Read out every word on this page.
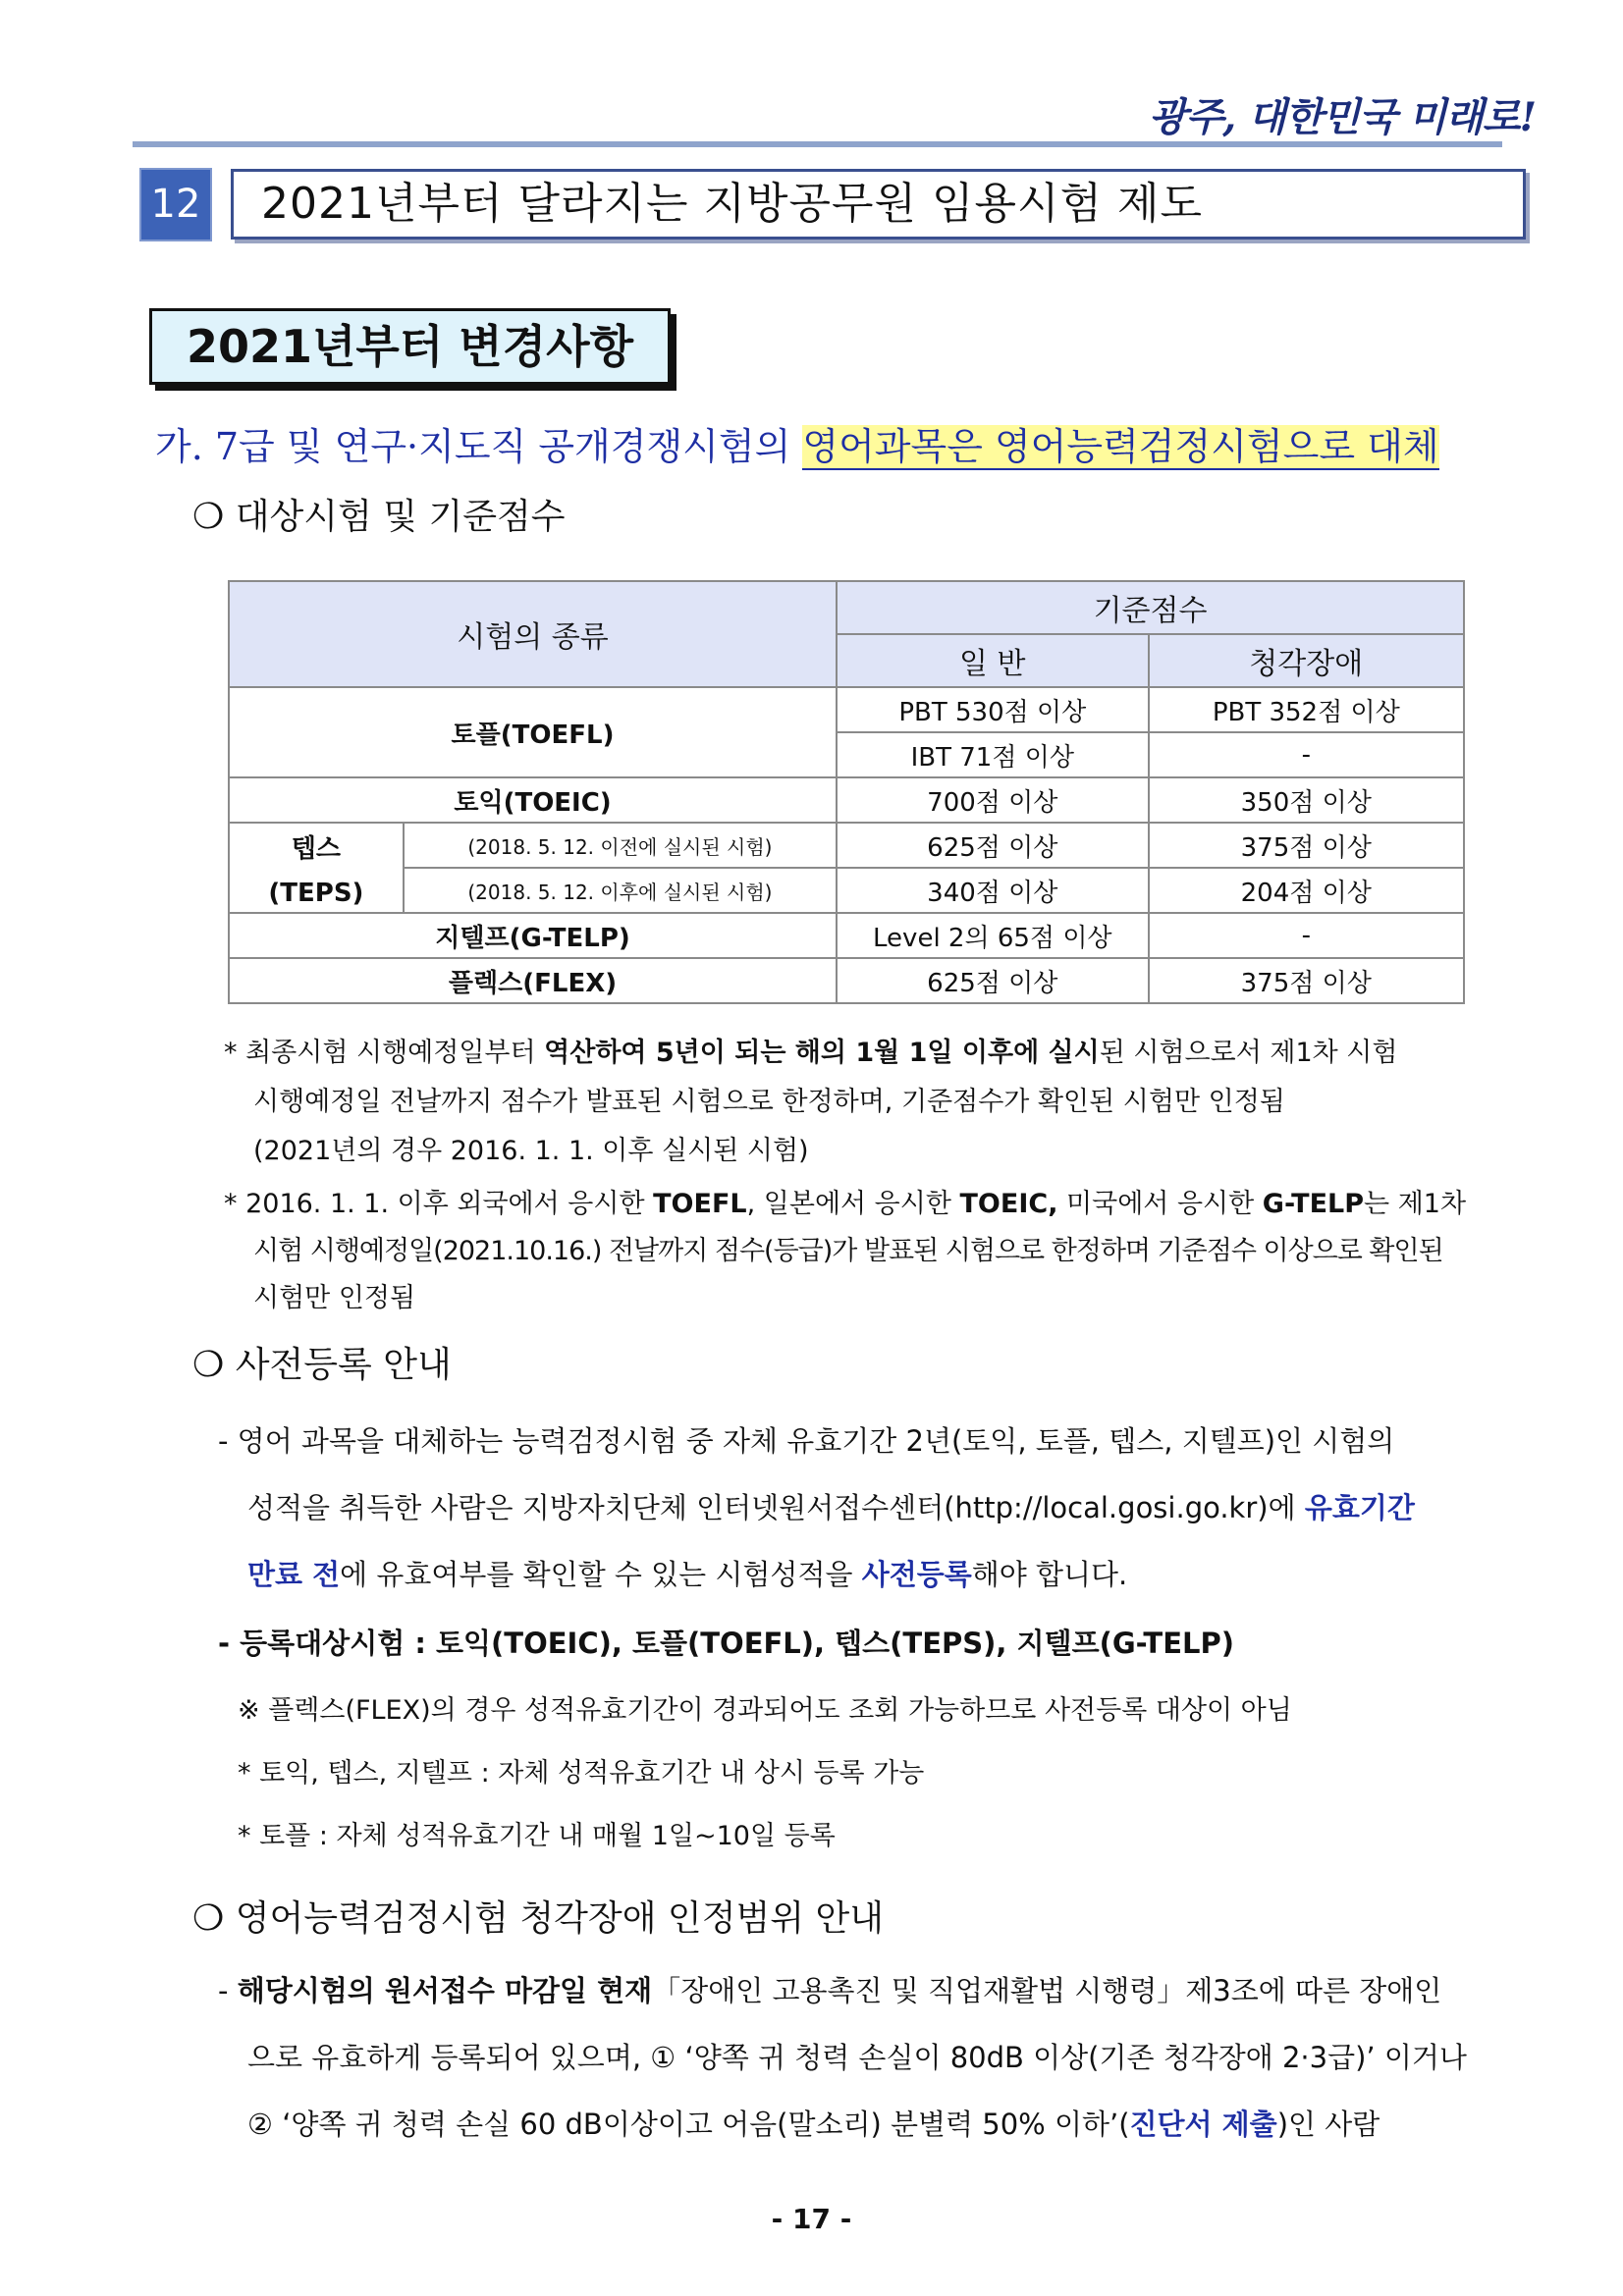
광주, 대한민국 미래로!
12	2021년부터 달라지는 지방공무원 임용시험 제도
2021년부터 변경사항
가. 7급 및 연구·지도직 공개경쟁시험의 영어과목은 영어능력검정시험으로 대체
❍ 대상시험 및 기준점수
시험의 종류		기준점수	
		일 반	청각장애
토플(TOEFL)		PBT 530점 이상	PBT 352점 이상
		IBT 71점 이상	-
토익(TOEIC)		700점 이상	350점 이상

텝스
(TEPS)	(2018. 5. 12. 이전에 실시된 시험)	625점 이상	375점 이상
	(2018. 5. 12. 이후에 실시된 시험)	340점 이상	204점 이상
지텔프(G-TELP)		Level 2의 65점 이상	-
플렉스(FLEX)		625점 이상	375점 이상
* 최종시험 시행예정일부터 역산하여 5년이 되는 해의 1월 1일 이후에 실시된 시험으로서 제1차 시험
시행예정일 전날까지 점수가 발표된 시험으로 한정하며, 기준점수가 확인된 시험만 인정됨
(2021년의 경우 2016. 1. 1. 이후 실시된 시험)
* 2016. 1. 1. 이후 외국에서 응시한 TOEFL, 일본에서 응시한 TOEIC, 미국에서 응시한 G-TELP는 제1차
시험 시행예정일(2021.10.16.) 전날까지 점수(등급)가 발표된 시험으로 한정하며 기준점수 이상으로 확인된
시험만 인정됨
❍ 사전등록 안내
- 영어 과목을 대체하는 능력검정시험 중 자체 유효기간 2년(토익, 토플, 텝스, 지텔프)인 시험의
성적을 취득한 사람은 지방자치단체 인터넷원서접수센터(http://local.gosi.go.kr)에 유효기간
만료 전에 유효여부를 확인할 수 있는 시험성적을 사전등록해야 합니다.
- 등록대상시험 : 토익(TOEIC), 토플(TOEFL), 텝스(TEPS), 지텔프(G-TELP)
※ 플렉스(FLEX)의 경우 성적유효기간이 경과되어도 조회 가능하므로 사전등록 대상이 아님
* 토익, 텝스, 지텔프 : 자체 성적유효기간 내 상시 등록 가능
* 토플 : 자체 성적유효기간 내 매월 1일~10일 등록
❍ 영어능력검정시험 청각장애 인정범위 안내
- 해당시험의 원서접수 마감일 현재「장애인 고용촉진 및 직업재활법 시행령」제3조에 따른 장애인
으로 유효하게 등록되어 있으며, ① ‘양쪽 귀 청력 손실이 80dB 이상(기존 청각장애 2·3급)’ 이거나
② ‘양쪽 귀 청력 손실 60 dB이상이고 어음(말소리) 분별력 50% 이하’(진단서 제출)인 사람
- 17 -
